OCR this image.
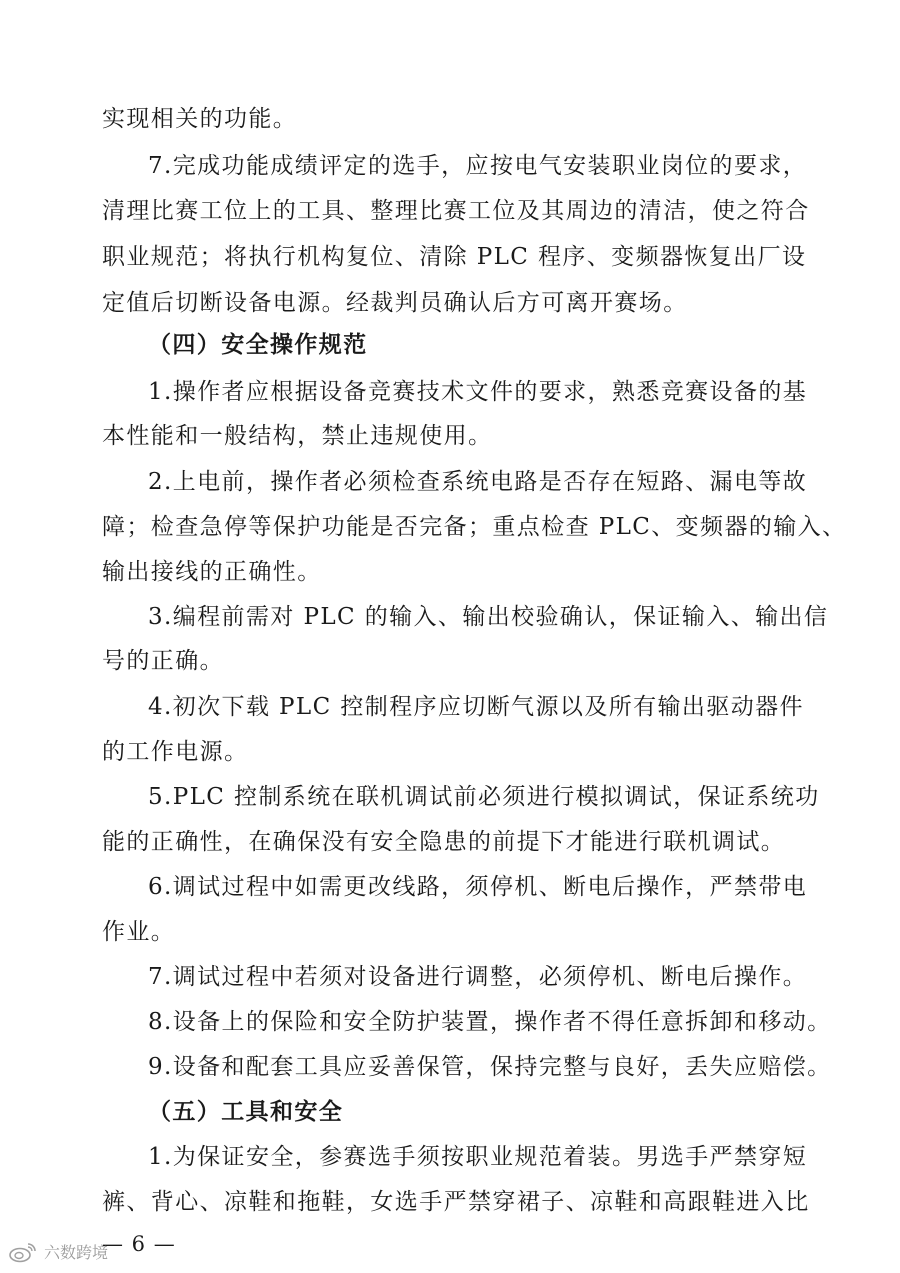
实现相关的功能。
7.完成功能成绩评定的选手，应按电气安装职业岗位的要求，
清理比赛工位上的工具、整理比赛工位及其周边的清洁，使之符合
职业规范；将执行机构复位、清除 PLC 程序、变频器恢复出厂设
定值后切断设备电源。经裁判员确认后方可离开赛场。
（四）安全操作规范
1.操作者应根据设备竞赛技术文件的要求，熟悉竞赛设备的基
本性能和一般结构，禁止违规使用。
2.上电前，操作者必须检查系统电路是否存在短路、漏电等故
障；检查急停等保护功能是否完备；重点检查 PLC、变频器的输入、
输出接线的正确性。
3.编程前需对 PLC 的输入、输出校验确认，保证输入、输出信
号的正确。
4.初次下载 PLC 控制程序应切断气源以及所有输出驱动器件
的工作电源。
5.PLC 控制系统在联机调试前必须进行模拟调试，保证系统功
能的正确性，在确保没有安全隐患的前提下才能进行联机调试。
6.调试过程中如需更改线路，须停机、断电后操作，严禁带电
作业。
7.调试过程中若须对设备进行调整，必须停机、断电后操作。
8.设备上的保险和安全防护装置，操作者不得任意拆卸和移动。
9.设备和配套工具应妥善保管，保持完整与良好，丢失应赔偿。
（五）工具和安全
1.为保证安全，参赛选手须按职业规范着装。男选手严禁穿短
裤、背心、凉鞋和拖鞋，女选手严禁穿裙子、凉鞋和高跟鞋进入比
— 6 —
六数跨境
